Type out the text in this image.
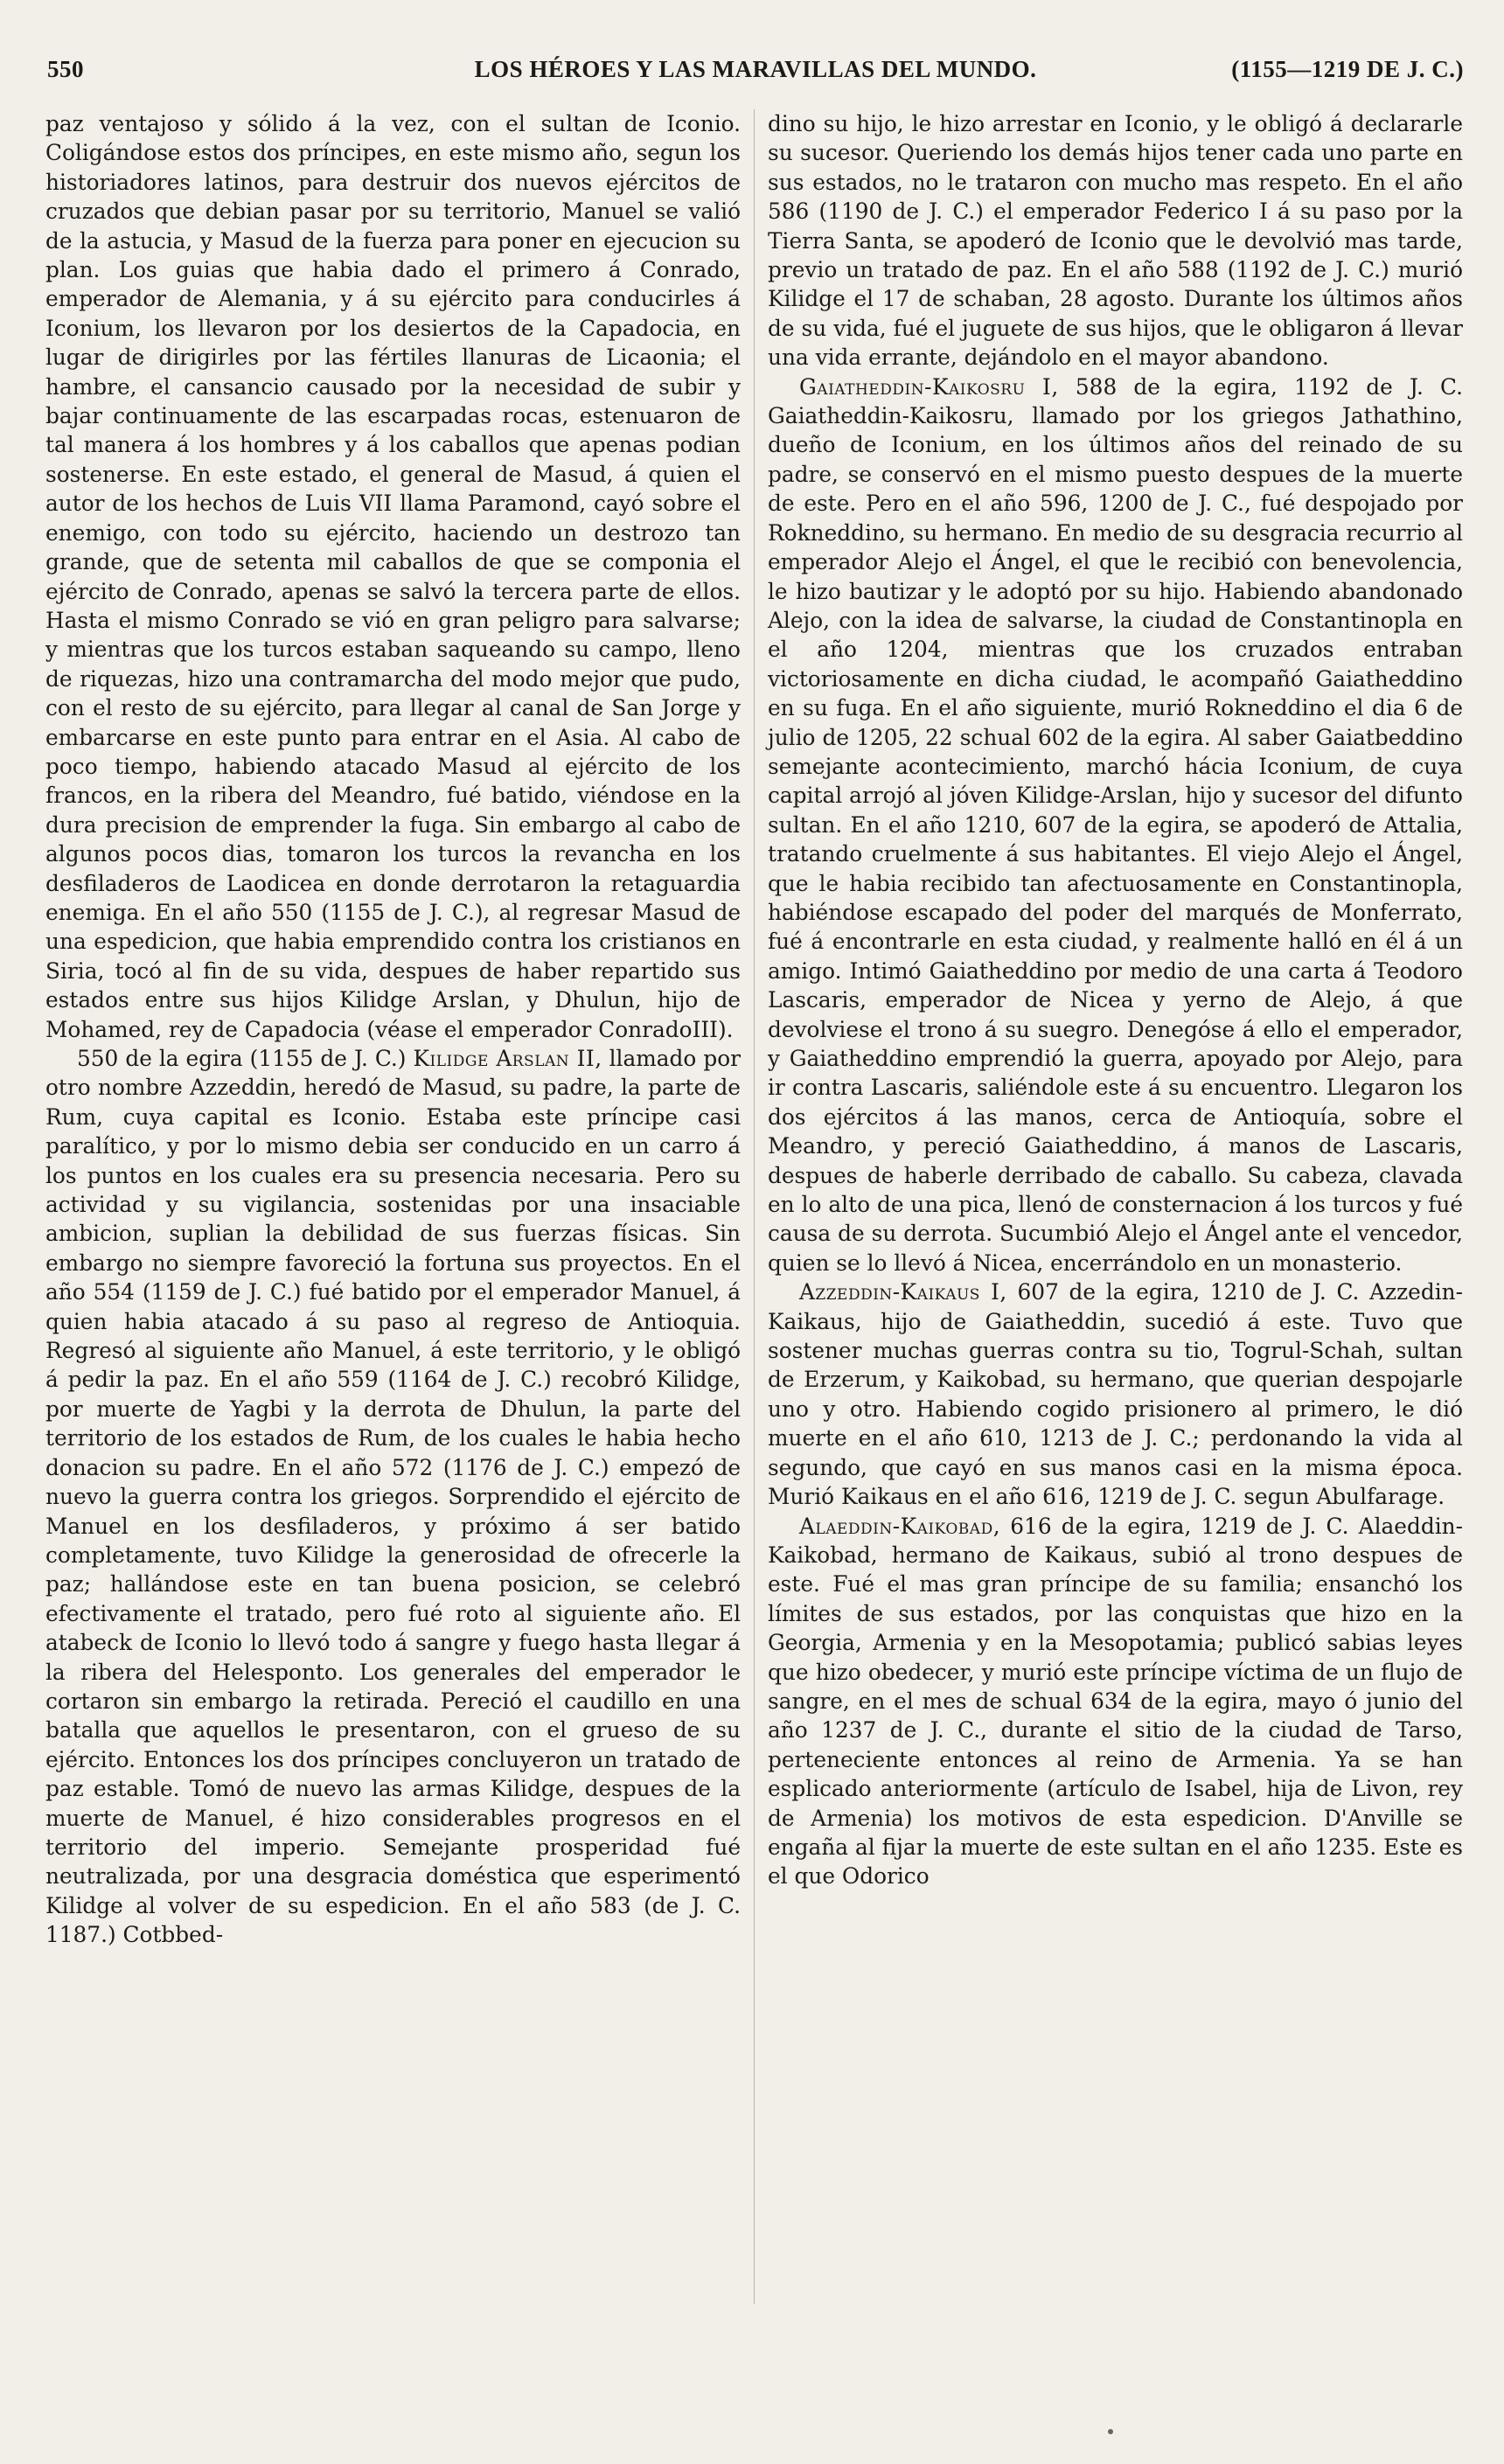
550	LOS HÉROES Y LAS MARAVILLAS DEL MUNDO.	(1155—1219 DE J. C.)

paz ventajoso y sólido á la vez, con el sultan de Iconio. Coligándose estos dos príncipes, en este mismo año, segun los historiadores latinos, para destruir dos nuevos ejércitos de cruzados que debian pasar por su territorio, Manuel se valió de la astucia, y Masud de la fuerza para poner en ejecucion su plan. Los guias que habia dado el primero á Conrado, emperador de Alemania, y á su ejército para conducirles á Iconium, los llevaron por los desiertos de la Capadocia, en lugar de dirigirles por las fértiles llanuras de Licaonia; el hambre, el cansancio causado por la necesidad de subir y bajar continuamente de las escarpadas rocas, estenuaron de tal manera á los hombres y á los caballos que apenas podian sostenerse. En este estado, el general de Masud, á quien el autor de los hechos de Luis VII llama Paramond, cayó sobre el enemigo, con todo su ejército, haciendo un destrozo tan grande, que de setenta mil caballos de que se componia el ejército de Conrado, apenas se salvó la tercera parte de ellos. Hasta el mismo Conrado se vió en gran peligro para salvarse; y mientras que los turcos estaban saqueando su campo, lleno de riquezas, hizo una contramarcha del modo mejor que pudo, con el resto de su ejército, para llegar al canal de San Jorge y embarcarse en este punto para entrar en el Asia. Al cabo de poco tiempo, habiendo atacado Masud al ejército de los francos, en la ribera del Meandro, fué batido, viéndose en la dura precision de emprender la fuga. Sin embargo al cabo de algunos pocos dias, tomaron los turcos la revancha en los desfiladeros de Laodicea en donde derrotaron la retaguardia enemiga. En el año 550 (1155 de J. C.), al regresar Masud de una espedicion, que habia emprendido contra los cristianos en Siria, tocó al fin de su vida, despues de haber repartido sus estados entre sus hijos Kilidge Arslan, y Dhulun, hijo de Mohamed, rey de Capadocia (véase el emperador ConradoIII).

550 de la egira (1155 de J. C.) Kilidge Arslan II, llamado por otro nombre Azzeddin, heredó de Masud, su padre, la parte de Rum, cuya capital es Iconio. Estaba este príncipe casi paralítico, y por lo mismo debia ser conducido en un carro á los puntos en los cuales era su presencia necesaria. Pero su actividad y su vigilancia, sostenidas por una insaciable ambicion, suplian la debilidad de sus fuerzas físicas. Sin embargo no siempre favoreció la fortuna sus proyectos. En el año 554 (1159 de J. C.) fué batido por el emperador Manuel, á quien habia atacado á su paso al regreso de Antioquia. Regresó al siguiente año Manuel, á este territorio, y le obligó á pedir la paz. En el año 559 (1164 de J. C.) recobró Kilidge, por muerte de Yagbi y la derrota de Dhulun, la parte del territorio de los estados de Rum, de los cuales le habia hecho donacion su padre. En el año 572 (1176 de J. C.) empezó de nuevo la guerra contra los griegos. Sorprendido el ejército de Manuel en los desfiladeros, y próximo á ser batido completamente, tuvo Kilidge la generosidad de ofrecerle la paz; hallándose este en tan buena posicion, se celebró efectivamente el tratado, pero fué roto al siguiente año. El atabeck de Iconio lo llevó todo á sangre y fuego hasta llegar á la ribera del Helesponto. Los generales del emperador le cortaron sin embargo la retirada. Pereció el caudillo en una batalla que aquellos le presentaron, con el grueso de su ejército. Entonces los dos príncipes concluyeron un tratado de paz estable. Tomó de nuevo las armas Kilidge, despues de la muerte de Manuel, é hizo considerables progresos en el territorio del imperio. Semejante prosperidad fué neutralizada, por una desgracia doméstica que esperimentó Kilidge al volver de su espedicion. En el año 583 (de J. C. 1187.) Cotbbed-

dino su hijo, le hizo arrestar en Iconio, y le obligó á declararle su sucesor. Queriendo los demás hijos tener cada uno parte en sus estados, no le trataron con mucho mas respeto. En el año 586 (1190 de J. C.) el emperador Federico I á su paso por la Tierra Santa, se apoderó de Iconio que le devolvió mas tarde, previo un tratado de paz. En el año 588 (1192 de J. C.) murió Kilidge el 17 de schaban, 28 agosto. Durante los últimos años de su vida, fué el juguete de sus hijos, que le obligaron á llevar una vida errante, dejándolo en el mayor abandono.

Gaiatheddin-Kaikosru I, 588 de la egira, 1192 de J. C. Gaiatheddin-Kaikosru, llamado por los griegos Jathathino, dueño de Iconium, en los últimos años del reinado de su padre, se conservó en el mismo puesto despues de la muerte de este. Pero en el año 596, 1200 de J. C., fué despojado por Rokneddino, su hermano. En medio de su desgracia recurrio al emperador Alejo el Ángel, el que le recibió con benevolencia, le hizo bautizar y le adoptó por su hijo. Habiendo abandonado Alejo, con la idea de salvarse, la ciudad de Constantinopla en el año 1204, mientras que los cruzados entraban victoriosamente en dicha ciudad, le acompañó Gaiatheddino en su fuga. En el año siguiente, murió Rokneddino el dia 6 de julio de 1205, 22 schual 602 de la egira. Al saber Gaiatbeddino semejante acontecimiento, marchó hácia Iconium, de cuya capital arrojó al jóven Kilidge-Arslan, hijo y sucesor del difunto sultan. En el año 1210, 607 de la egira, se apoderó de Attalia, tratando cruelmente á sus habitantes. El viejo Alejo el Ángel, que le habia recibido tan afectuosamente en Constantinopla, habiéndose escapado del poder del marqués de Monferrato, fué á encontrarle en esta ciudad, y realmente halló en él á un amigo. Intimó Gaiatheddino por medio de una carta á Teodoro Lascaris, emperador de Nicea y yerno de Alejo, á que devolviese el trono á su suegro. Denegóse á ello el emperador, y Gaiatheddino emprendió la guerra, apoyado por Alejo, para ir contra Lascaris, saliéndole este á su encuentro. Llegaron los dos ejércitos á las manos, cerca de Antioquía, sobre el Meandro, y pereció Gaiatheddino, á manos de Lascaris, despues de haberle derribado de caballo. Su cabeza, clavada en lo alto de una pica, llenó de consternacion á los turcos y fué causa de su derrota. Sucumbió Alejo el Ángel ante el vencedor, quien se lo llevó á Nicea, encerrándolo en un monasterio.

Azzeddin-Kaikaus I, 607 de la egira, 1210 de J. C. Azzedin-Kaikaus, hijo de Gaiatheddin, sucedió á este. Tuvo que sostener muchas guerras contra su tio, Togrul-Schah, sultan de Erzerum, y Kaikobad, su hermano, que querian despojarle uno y otro. Habiendo cogido prisionero al primero, le dió muerte en el año 610, 1213 de J. C.; perdonando la vida al segundo, que cayó en sus manos casi en la misma época. Murió Kaikaus en el año 616, 1219 de J. C. segun Abulfarage.

Alaeddin-Kaikobad, 616 de la egira, 1219 de J. C. Alaeddin-Kaikobad, hermano de Kaikaus, subió al trono despues de este. Fué el mas gran príncipe de su familia; ensanchó los límites de sus estados, por las conquistas que hizo en la Georgia, Armenia y en la Mesopotamia; publicó sabias leyes que hizo obedecer, y murió este príncipe víctima de un flujo de sangre, en el mes de schual 634 de la egira, mayo ó junio del año 1237 de J. C., durante el sitio de la ciudad de Tarso, perteneciente entonces al reino de Armenia. Ya se han esplicado anteriormente (artículo de Isabel, hija de Livon, rey de Armenia) los motivos de esta espedicion. D'Anville se engaña al fijar la muerte de este sultan en el año 1235. Este es el que Odorico
